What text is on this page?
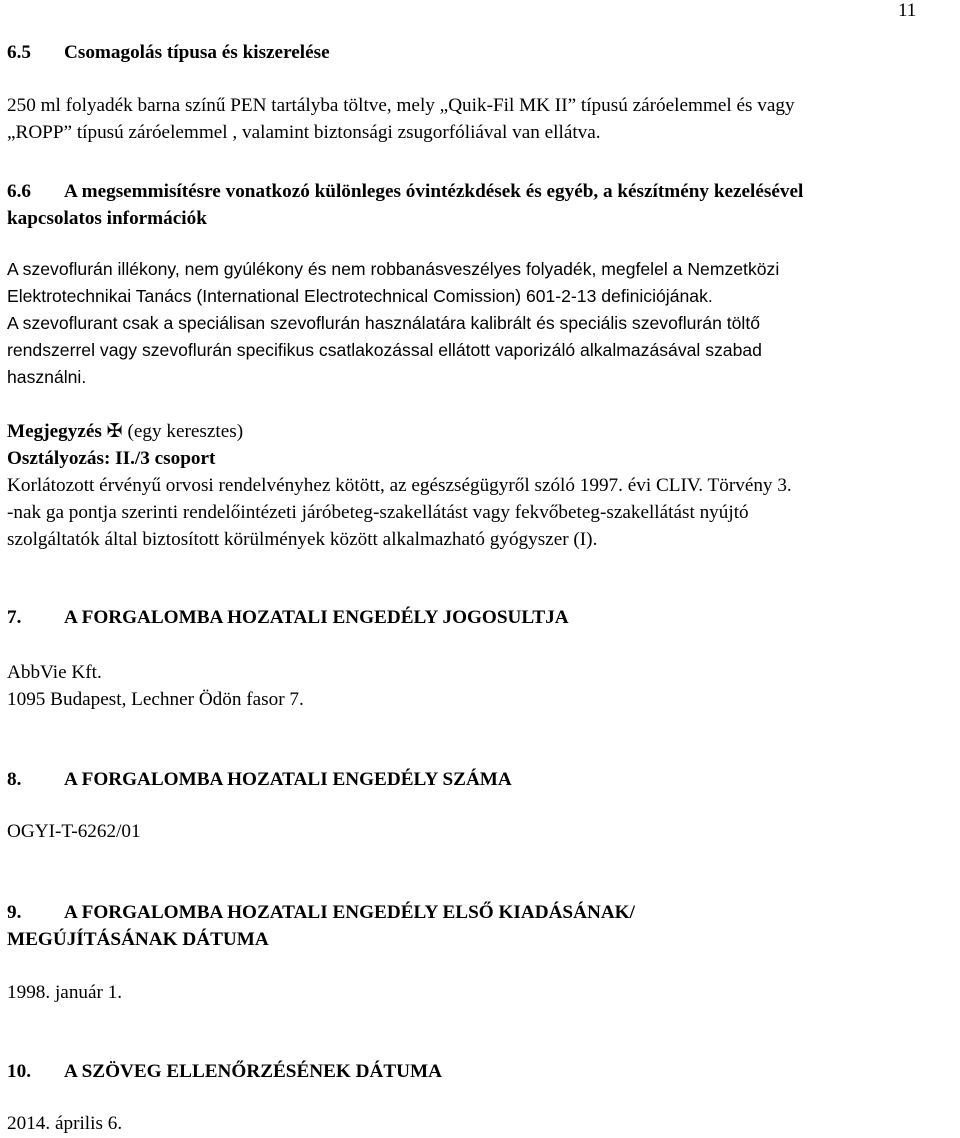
11
6.5 Csomagolás típusa és kiszerelése
250 ml folyadék barna színű PEN tartályba töltve, mely „Quik-Fil MK II” típusú záróelemmel és vagy
„ROPP” típusú záróelemmel , valamint biztonsági zsugorfóliával van ellátva.
6.6 A megsemmisítésre vonatkozó különleges óvintézkdések és egyéb, a készítmény kezelésével
kapcsolatos információk
A szevoflurán illékony, nem gyúlékony és nem robbanásveszélyes folyadék, megfelel a Nemzetközi
Elektrotechnikai Tanács (International Electrotechnical Comission) 601-2-13 definiciójának.
A szevoflurant csak a speciálisan szevoflurán használatára kalibrált és speciális szevoflurán töltő
rendszerrel vagy szevoflurán specifikus csatlakozással ellátott vaporizáló alkalmazásával szabad
használni.
Megjegyzés ✠ (egy keresztes)
Osztályozás: II./3 csoport
Korlátozott érvényű orvosi rendelvényhez kötött, az egészségügyről szóló 1997. évi CLIV. Törvény 3.
-nak ga pontja szerinti rendelőintézeti járóbeteg-szakellátást vagy fekvőbeteg-szakellátást nyújtó
szolgáltatók által biztosított körülmények között alkalmazható gyógyszer (I).
7. A FORGALOMBA HOZATALI ENGEDÉLY JOGOSULTJA
AbbVie Kft.
1095 Budapest, Lechner Ödön fasor 7.
8. A FORGALOMBA HOZATALI ENGEDÉLY SZÁMA
OGYI-T-6262/01
9. A FORGALOMBA HOZATALI ENGEDÉLY ELSŐ KIADÁSÁNAK/
MEGÚJÍTÁSÁNAK DÁTUMA
1998. január 1.
10. A SZÖVEG ELLENŐRZÉSÉNEK DÁTUMA
2014. április 6.
